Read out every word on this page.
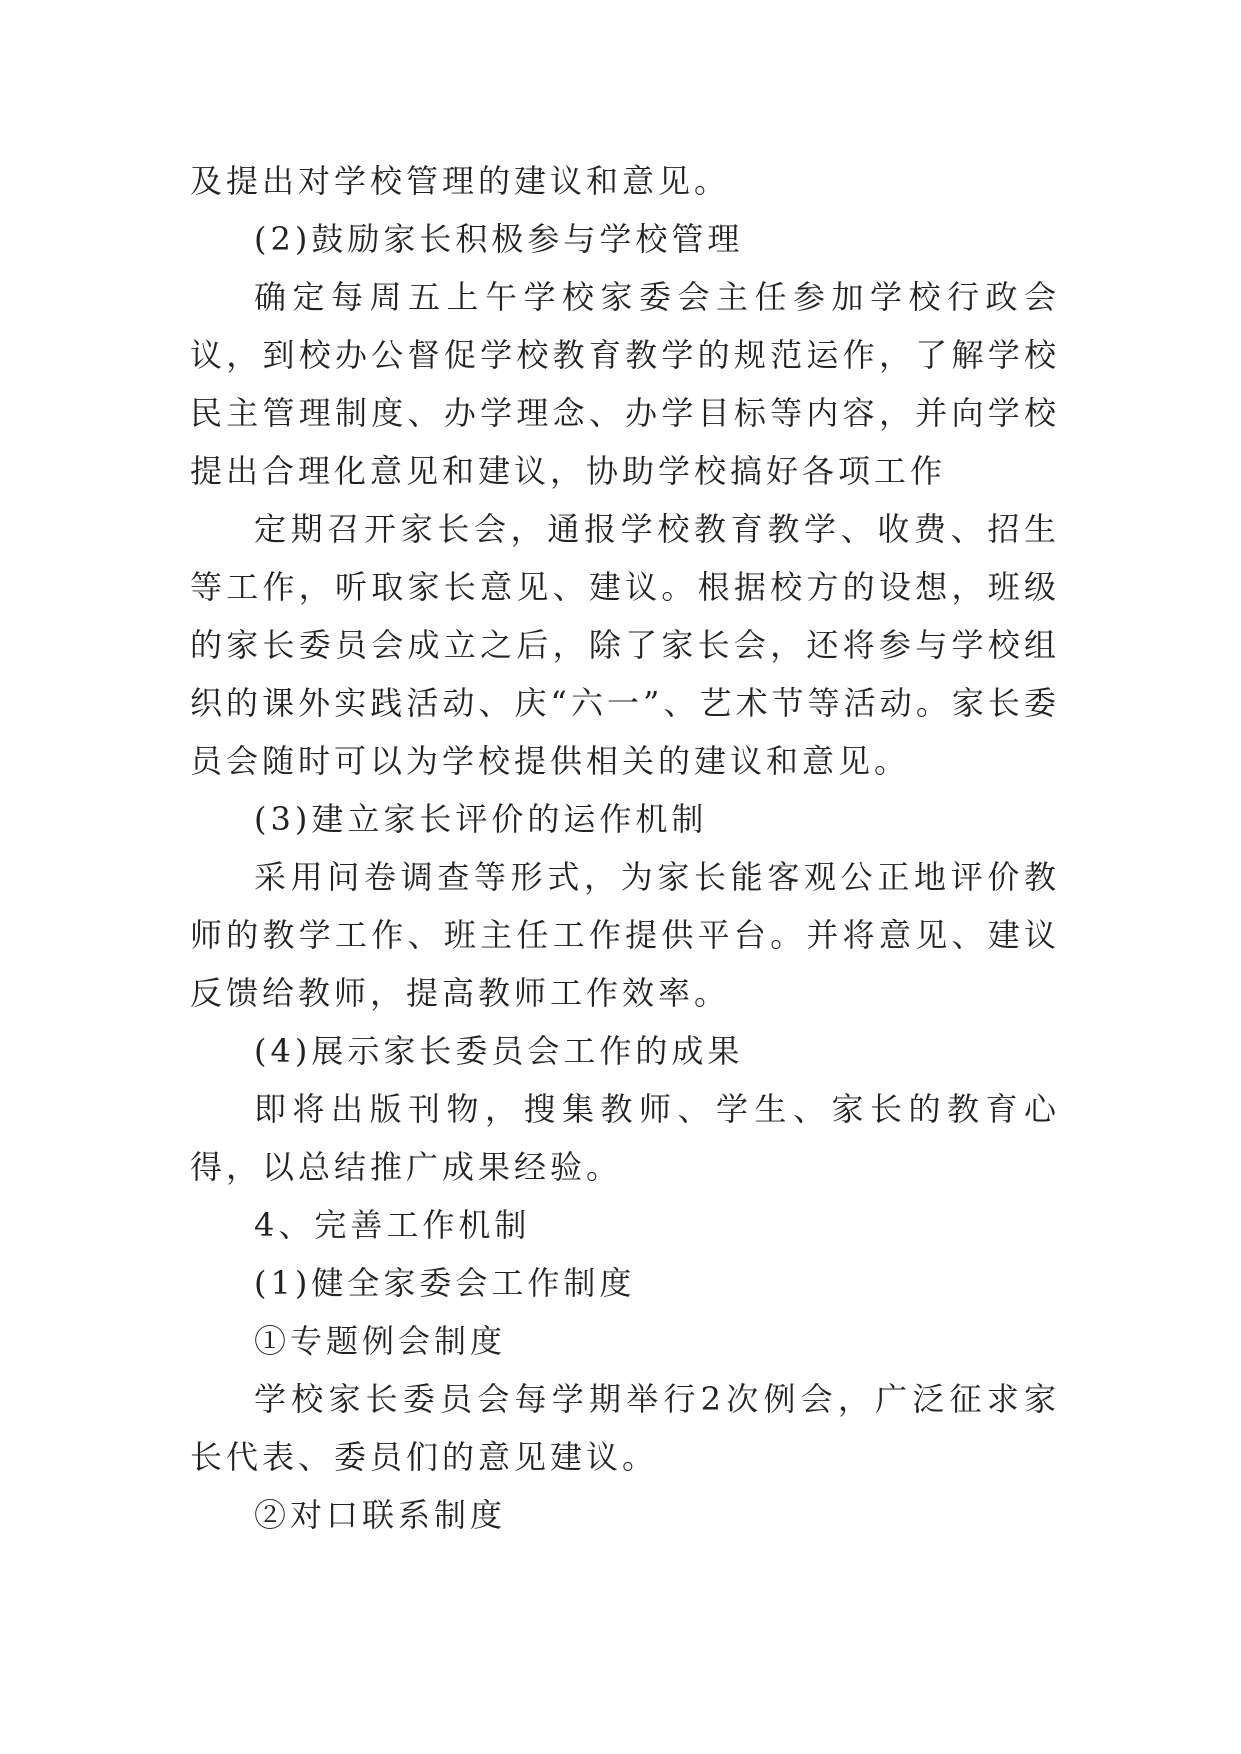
及提出对学校管理的建议和意见。

(2)鼓励家长积极参与学校管理

确定每周五上午学校家委会主任参加学校行政会议，到校办公督促学校教育教学的规范运作，了解学校民主管理制度、办学理念、办学目标等内容，并向学校提出合理化意见和建议，协助学校搞好各项工作

定期召开家长会，通报学校教育教学、收费、招生等工作，听取家长意见、建议。根据校方的设想，班级的家长委员会成立之后，除了家长会，还将参与学校组织的课外实践活动、庆“六一”、艺术节等活动。家长委员会随时可以为学校提供相关的建议和意见。

(3)建立家长评价的运作机制

采用问卷调查等形式，为家长能客观公正地评价教师的教学工作、班主任工作提供平台。并将意见、建议反馈给教师，提高教师工作效率。

(4)展示家长委员会工作的成果

即将出版刊物，搜集教师、学生、家长的教育心得，以总结推广成果经验。

4、完善工作机制

(1)健全家委会工作制度

①专题例会制度

学校家长委员会每学期举行2次例会，广泛征求家长代表、委员们的意见建议。

②对口联系制度
